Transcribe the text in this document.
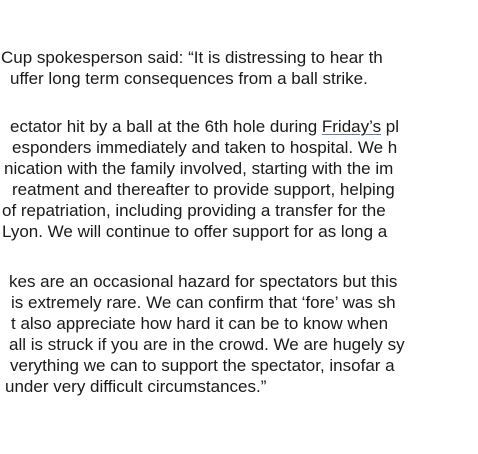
Cup spokesperson said: “It is distressing to hear th
uffer long term consequences from a ball strike.
ectator hit by a ball at the 6th hole during Friday’s pl
esponders immediately and taken to hospital. We h
nication with the family involved, starting with the im
reatment and thereafter to provide support, helping
of repatriation, including providing a transfer for the
Lyon. We will continue to offer support for as long a
kes are an occasional hazard for spectators but this
is extremely rare. We can confirm that ‘fore’ was sh
t also appreciate how hard it can be to know when
all is struck if you are in the crowd. We are hugely sy
verything we can to support the spectator, insofar a
under very difficult circumstances.”
